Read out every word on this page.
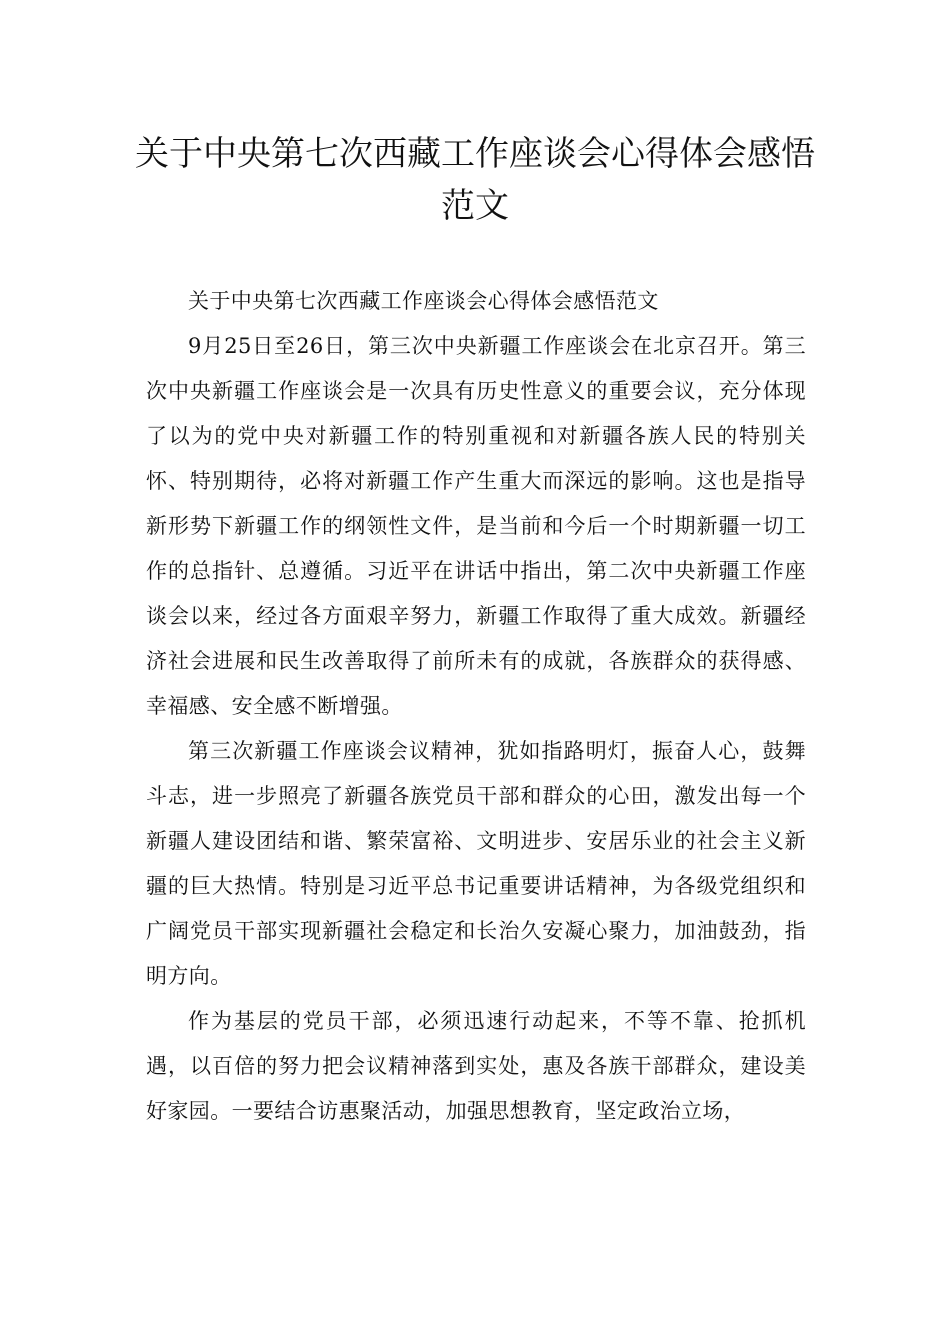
关于中央第七次西藏工作座谈会心得体会感悟范文

关于中央第七次西藏工作座谈会心得体会感悟范文

9月25日至26日，第三次中央新疆工作座谈会在北京召开。第三次中央新疆工作座谈会是一次具有历史性意义的重要会议，充分体现了以为的党中央对新疆工作的特别重视和对新疆各族人民的特别关怀、特别期待，必将对新疆工作产生重大而深远的影响。这也是指导新形势下新疆工作的纲领性文件，是当前和今后一个时期新疆一切工作的总指针、总遵循。习近平在讲话中指出，第二次中央新疆工作座谈会以来，经过各方面艰辛努力，新疆工作取得了重大成效。新疆经济社会进展和民生改善取得了前所未有的成就，各族群众的获得感、幸福感、安全感不断增强。

第三次新疆工作座谈会议精神，犹如指路明灯，振奋人心，鼓舞斗志，进一步照亮了新疆各族党员干部和群众的心田，激发出每一个新疆人建设团结和谐、繁荣富裕、文明进步、安居乐业的社会主义新疆的巨大热情。特别是习近平总书记重要讲话精神，为各级党组织和广阔党员干部实现新疆社会稳定和长治久安凝心聚力，加油鼓劲，指明方向。

作为基层的党员干部，必须迅速行动起来，不等不靠、抢抓机遇，以百倍的努力把会议精神落到实处，惠及各族干部群众，建设美好家园。一要结合访惠聚活动，加强思想教育，坚定政治立场，
